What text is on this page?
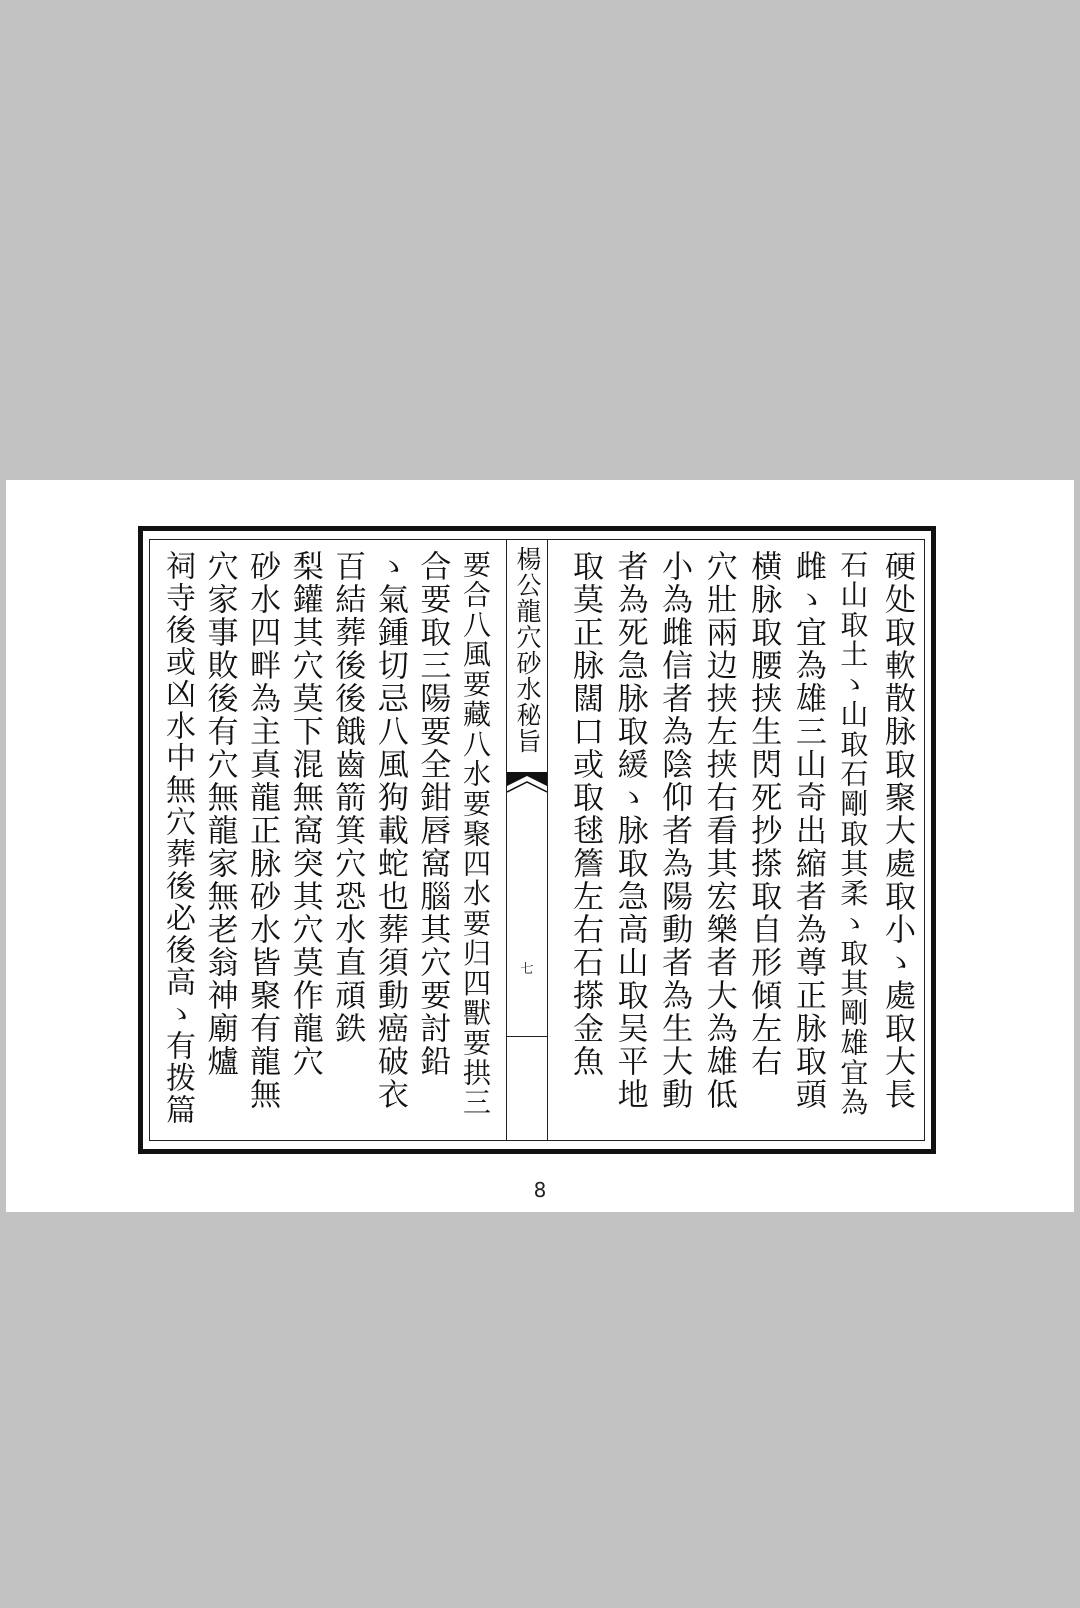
硬处取軟散脉取聚大處取小ゝ處取大長
石山取土ゝ山取石剛取其柔ゝ取其剛雄宜為
雌ゝ宜為雄三山奇出縮者為尊正脉取頭
横脉取腰挟生閃死抄搽取自形傾左右
穴壯兩边挟左挟右看其宏樂者大為雄低
小為雌信者為陰仰者為陽動者為生大動
者為死急脉取緩ゝ脉取急高山取吴平地
取莫正脉闊口或取毬簷左右石搽金魚
楊公龍穴砂水秘旨
七
要合八風要藏八水要聚四水要归四獸要拱三
合要取三陽要全鉗唇窩腦其穴要討鉛
ゝ氣鍾切忌八風狗載蛇也葬須動癌破衣
百結葬後後餓齒箭箕穴恐水直頑鉄
梨鑵其穴莫下混無窩突其穴莫作龍穴
砂水四畔為主真龍正脉砂水皆聚有龍無
穴家事敗後有穴無龍家無老翁神廟爐
祠寺後或凶水中無穴葬後必後高ゝ有拨篇
8
